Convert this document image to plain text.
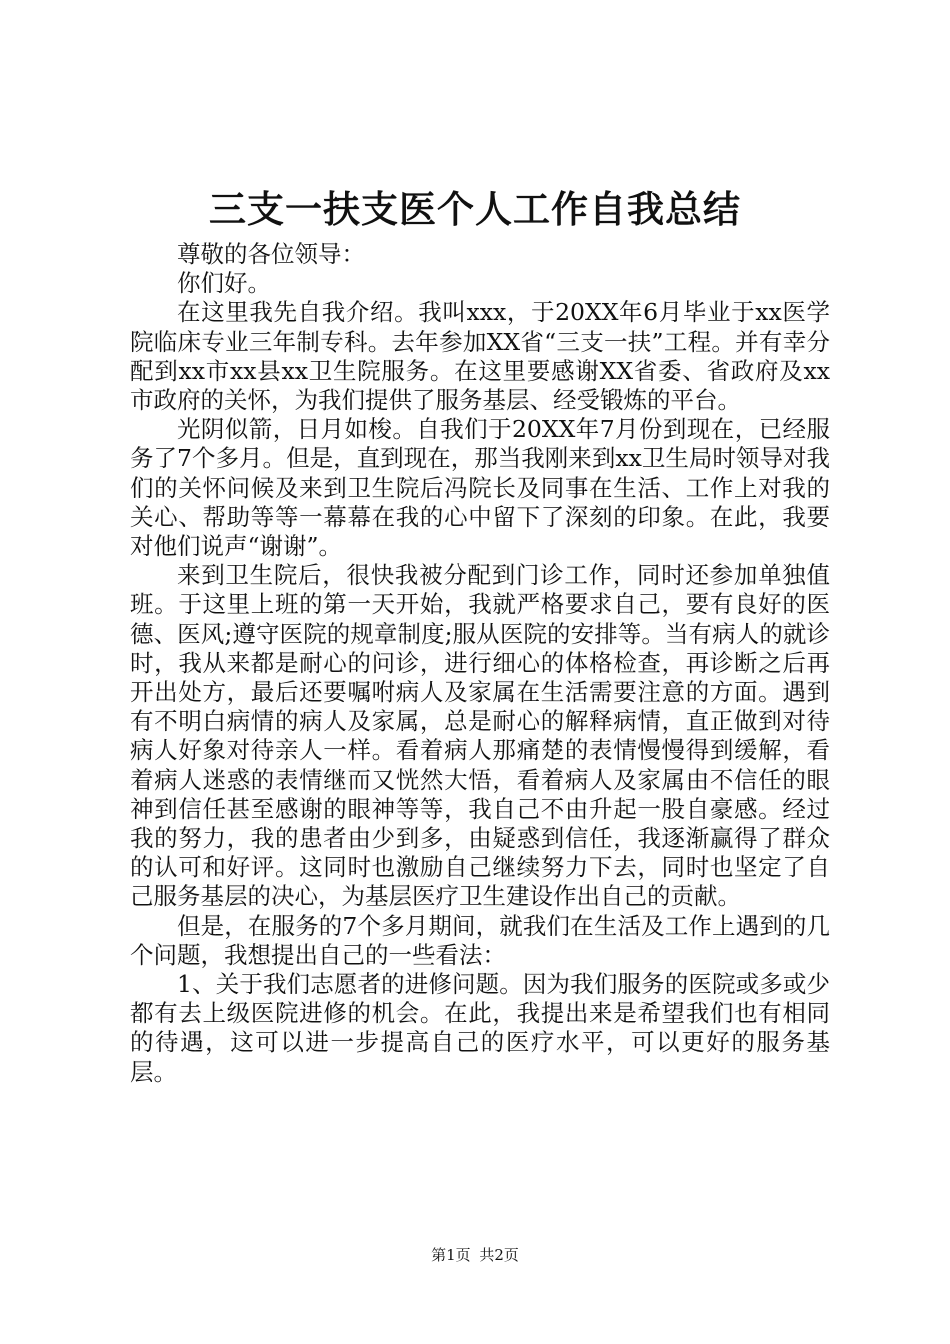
三支一扶支医个人工作自我总结

尊敬的各位领导：

你们好。

在这里我先自我介绍。我叫xxx，于20XX年6月毕业于xx医学院临床专业三年制专科。去年参加XX省“三支一扶”工程。并有幸分配到xx市xx县xx卫生院服务。在这里要感谢XX省委、省政府及xx市政府的关怀，为我们提供了服务基层、经受锻炼的平台。

光阴似箭，日月如梭。自我们于20XX年7月份到现在，已经服务了7个多月。但是，直到现在，那当我刚来到xx卫生局时领导对我们的关怀问候及来到卫生院后冯院长及同事在生活、工作上对我的关心、帮助等等一幕幕在我的心中留下了深刻的印象。在此，我要对他们说声“谢谢”。

来到卫生院后，很快我被分配到门诊工作，同时还参加单独值班。于这里上班的第一天开始，我就严格要求自己，要有良好的医德、医风;遵守医院的规章制度;服从医院的安排等。当有病人的就诊时，我从来都是耐心的问诊，进行细心的体格检查，再诊断之后再开出处方，最后还要嘱咐病人及家属在生活需要注意的方面。遇到有不明白病情的病人及家属，总是耐心的解释病情，直正做到对待病人好象对待亲人一样。看着病人那痛楚的表情慢慢得到缓解，看着病人迷惑的表情继而又恍然大悟，看着病人及家属由不信任的眼神到信任甚至感谢的眼神等等，我自己不由升起一股自豪感。经过我的努力，我的患者由少到多，由疑惑到信任，我逐渐赢得了群众的认可和好评。这同时也激励自己继续努力下去，同时也坚定了自己服务基层的决心，为基层医疗卫生建设作出自己的贡献。

但是，在服务的7个多月期间，就我们在生活及工作上遇到的几个问题，我想提出自己的一些看法：

1、关于我们志愿者的进修问题。因为我们服务的医院或多或少都有去上级医院进修的机会。在此，我提出来是希望我们也有相同的待遇，这可以进一步提高自己的医疗水平，可以更好的服务基层。

第1页 共2页
